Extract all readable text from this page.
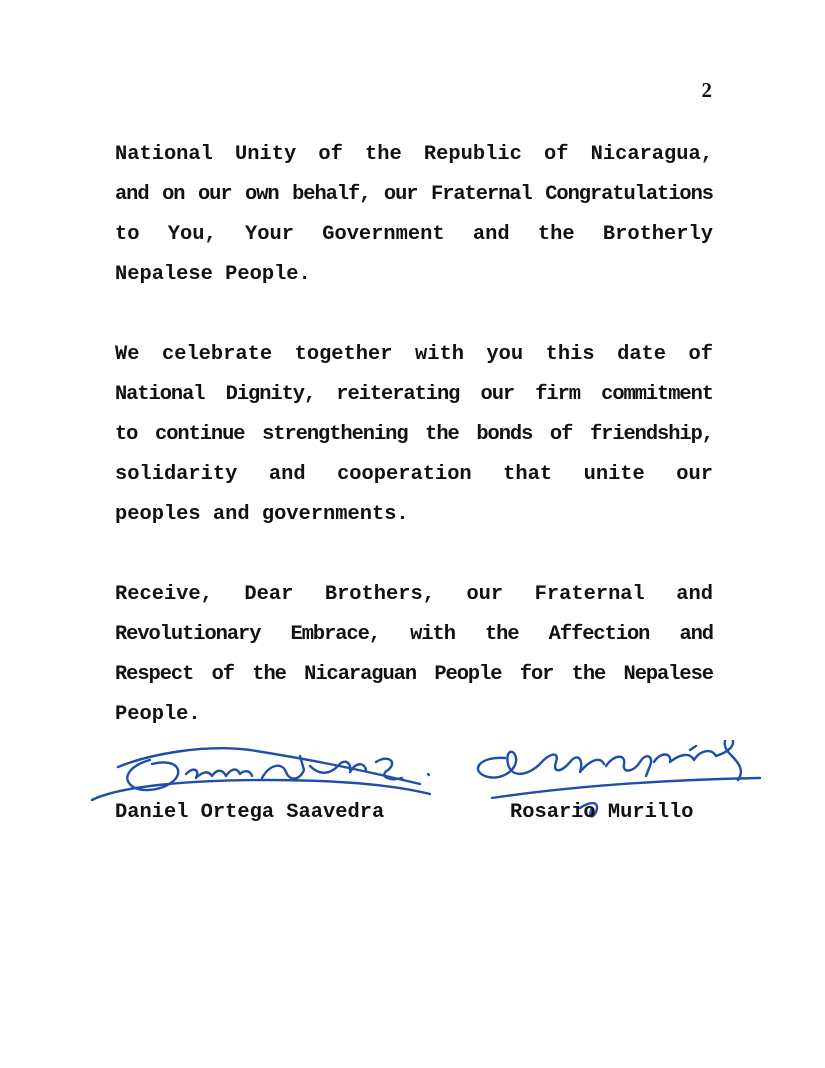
2
National Unity of the Republic of Nicaragua,
and on our own behalf, our Fraternal Congratulations
to You, Your Government and the Brotherly
Nepalese People.
We celebrate together with you this date of
National Dignity, reiterating our firm commitment
to continue strengthening the bonds of friendship,
solidarity and cooperation that unite our
peoples and governments.
Receive, Dear Brothers, our Fraternal and
Revolutionary Embrace, with the Affection and
Respect of the Nicaraguan People for the Nepalese
People.
Daniel Ortega Saavedra	Rosario Murillo
